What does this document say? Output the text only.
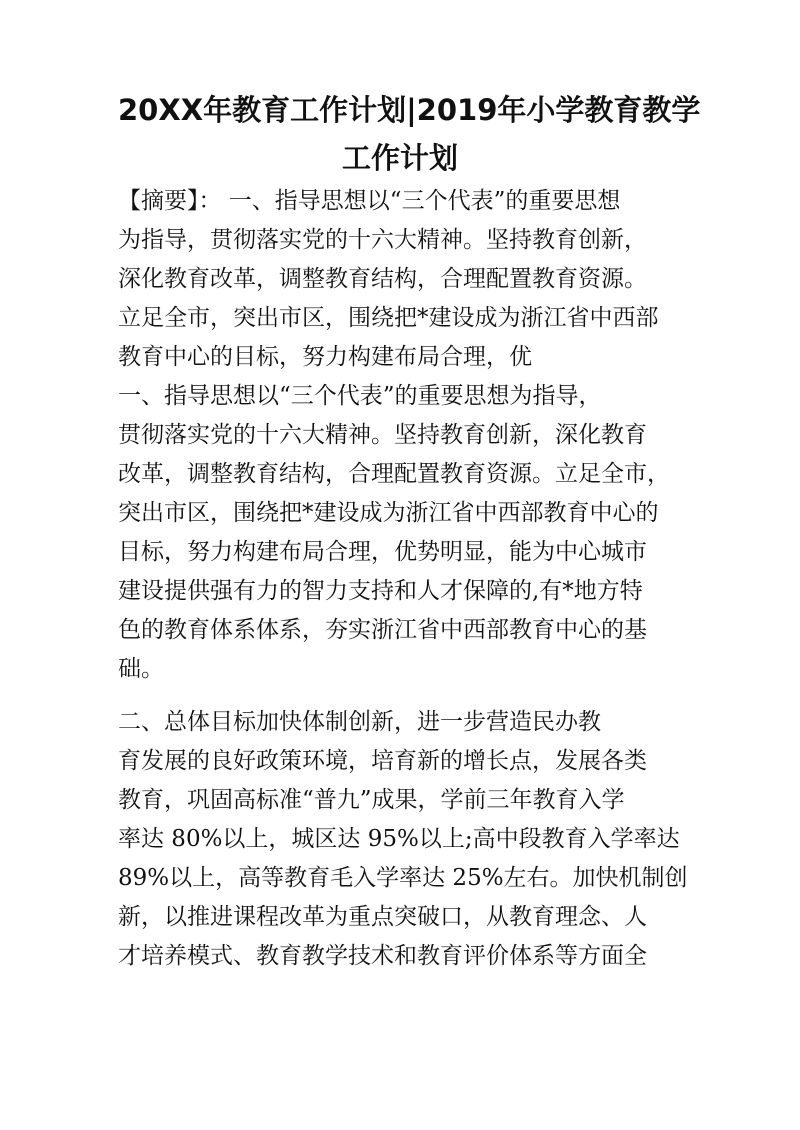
20XX年教育工作计划|2019年小学教育教学
工作计划
【摘要】： 一、指导思想以“三个代表”的重要思想
为指导，贯彻落实党的十六大精神。坚持教育创新，
深化教育改革，调整教育结构，合理配置教育资源。
立足全市，突出市区，围绕把*建设成为浙江省中西部
教育中心的目标，努力构建布局合理，优
一、指导思想以“三个代表”的重要思想为指导，
贯彻落实党的十六大精神。坚持教育创新，深化教育
改革，调整教育结构，合理配置教育资源。立足全市，
突出市区，围绕把*建设成为浙江省中西部教育中心的
目标，努力构建布局合理，优势明显，能为中心城市
建设提供强有力的智力支持和人才保障的,有*地方特
色的教育体系体系，夯实浙江省中西部教育中心的基
础。
二、总体目标加快体制创新，进一步营造民办教
育发展的良好政策环境，培育新的增长点，发展各类
教育，巩固高标准“普九”成果，学前三年教育入学
率达 80%以上，城区达 95%以上;高中段教育入学率达
89%以上，高等教育毛入学率达 25%左右。加快机制创
新，以推进课程改革为重点突破口，从教育理念、人
才培养模式、教育教学技术和教育评价体系等方面全
